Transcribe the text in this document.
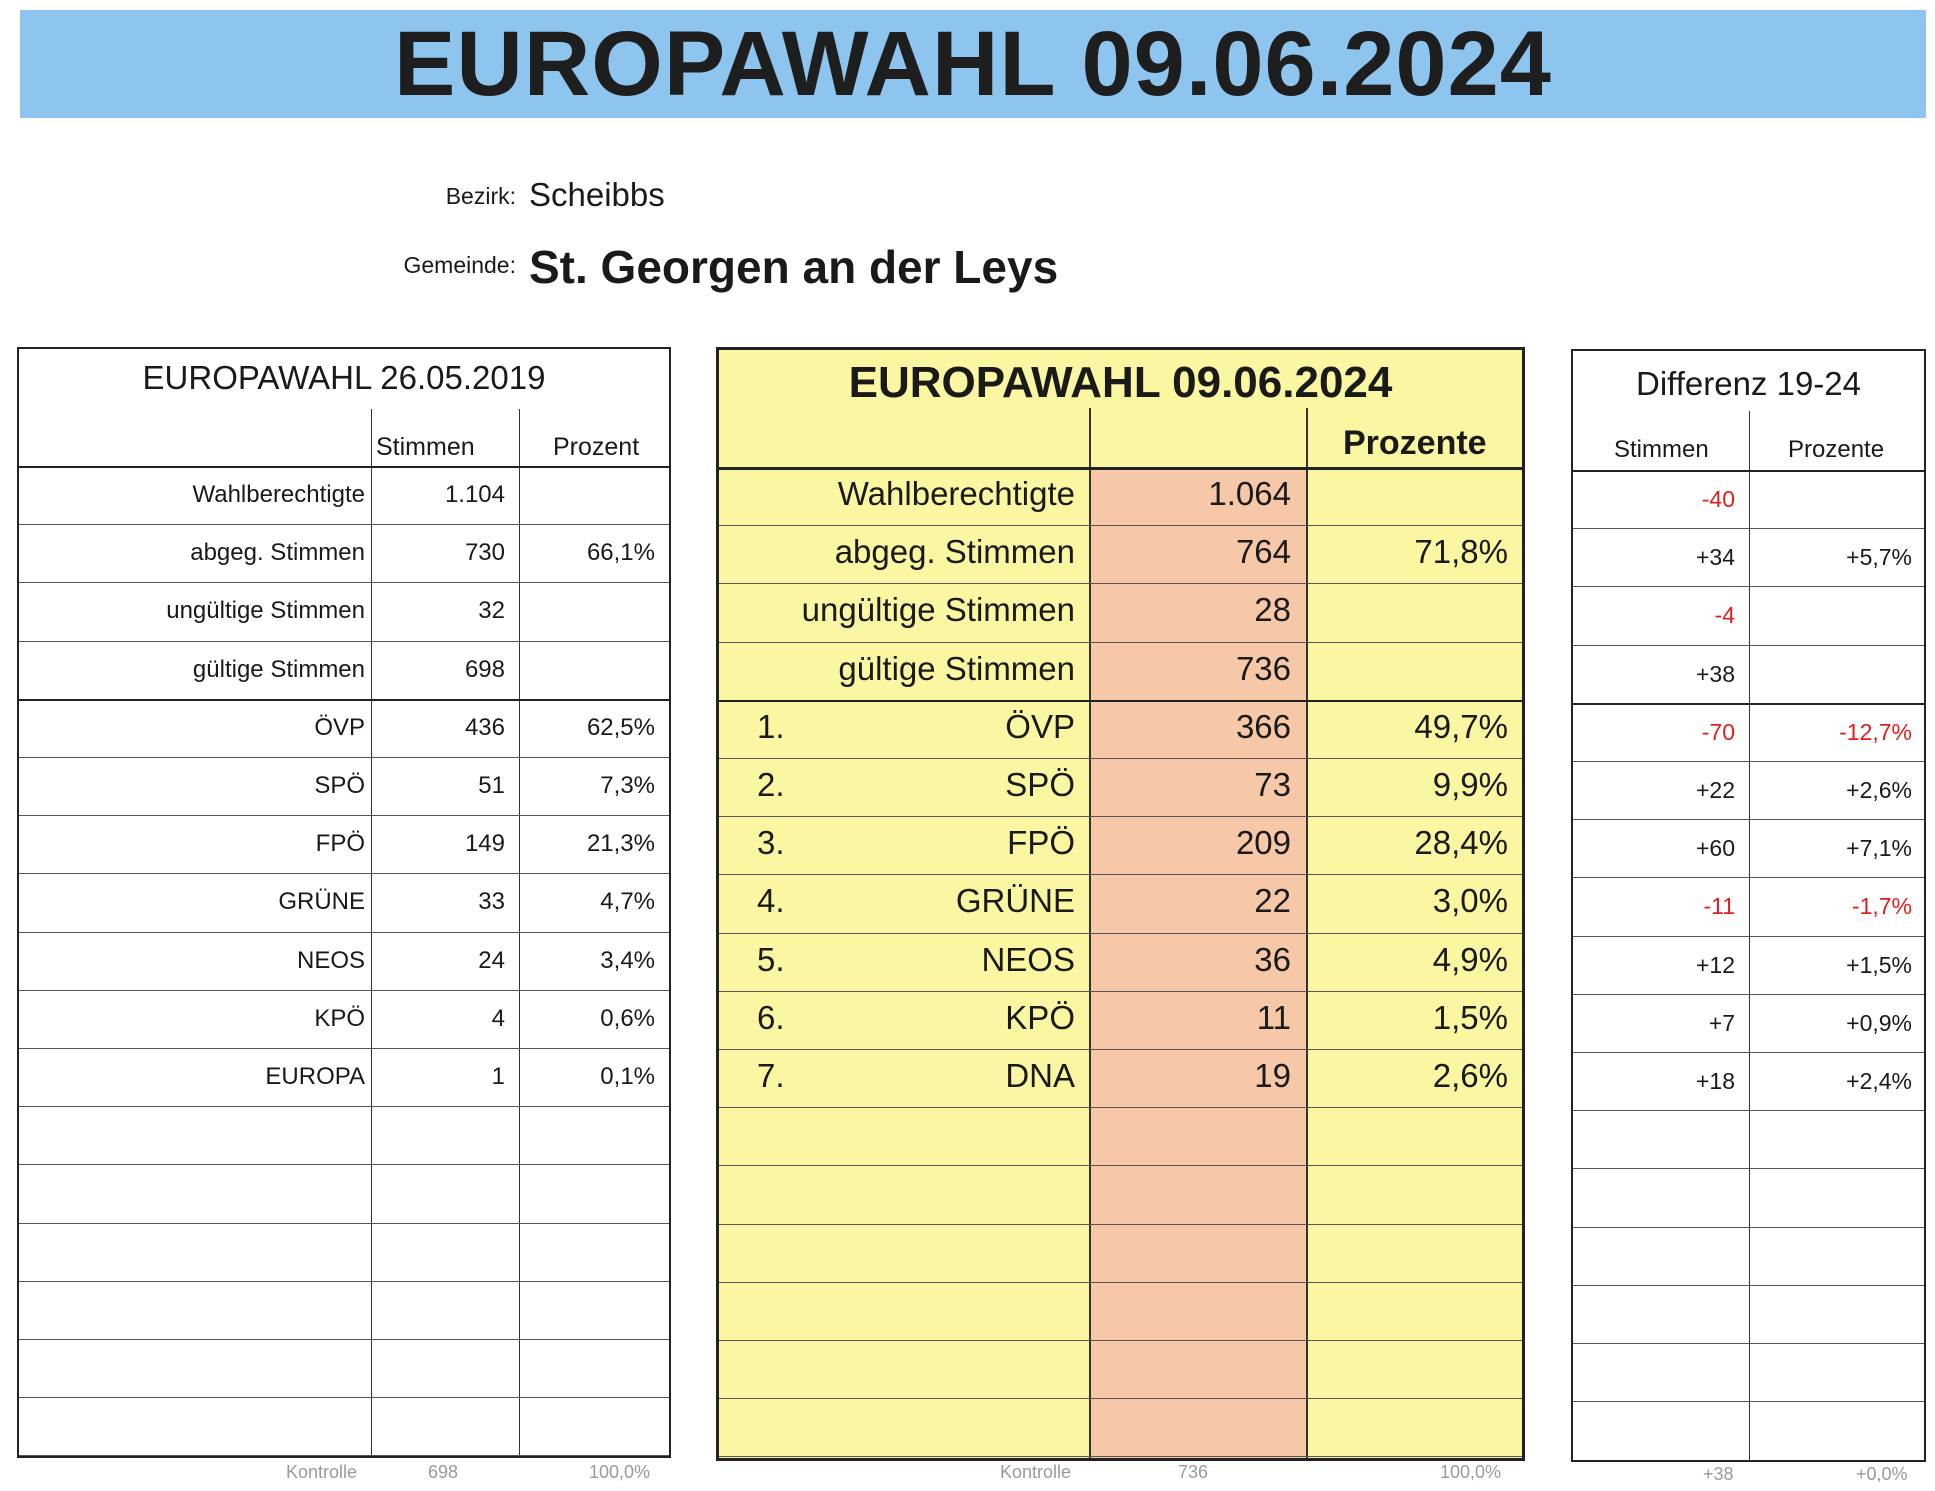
EUROPAWAHL 09.06.2024
Bezirk: Scheibbs
Gemeinde: St. Georgen an der Leys
EUROPAWAHL 26.05.2019
Stimmen	Prozent
Wahlberechtigte	1.104
abgeg. Stimmen	730	66,1%
ungültige Stimmen	32
gültige Stimmen	698
ÖVP	436	62,5%
SPÖ	51	7,3%
FPÖ	149	21,3%
GRÜNE	33	4,7%
NEOS	24	3,4%
KPÖ	4	0,6%
EUROPA	1	0,1%
Kontrolle	698	100,0%
EUROPAWAHL 09.06.2024
Prozente
Wahlberechtigte	1.064
abgeg. Stimmen	764	71,8%
ungültige Stimmen	28
gültige Stimmen	736
1.	ÖVP	366	49,7%
2.	SPÖ	73	9,9%
3.	FPÖ	209	28,4%
4.	GRÜNE	22	3,0%
5.	NEOS	36	4,9%
6.	KPÖ	11	1,5%
7.	DNA	19	2,6%
Kontrolle	736	100,0%
Differenz 19-24
Stimmen	Prozente
-40
+34	+5,7%
-4
+38
-70	-12,7%
+22	+2,6%
+60	+7,1%
-11	-1,7%
+12	+1,5%
+7	+0,9%
+18	+2,4%
+38	+0,0%
